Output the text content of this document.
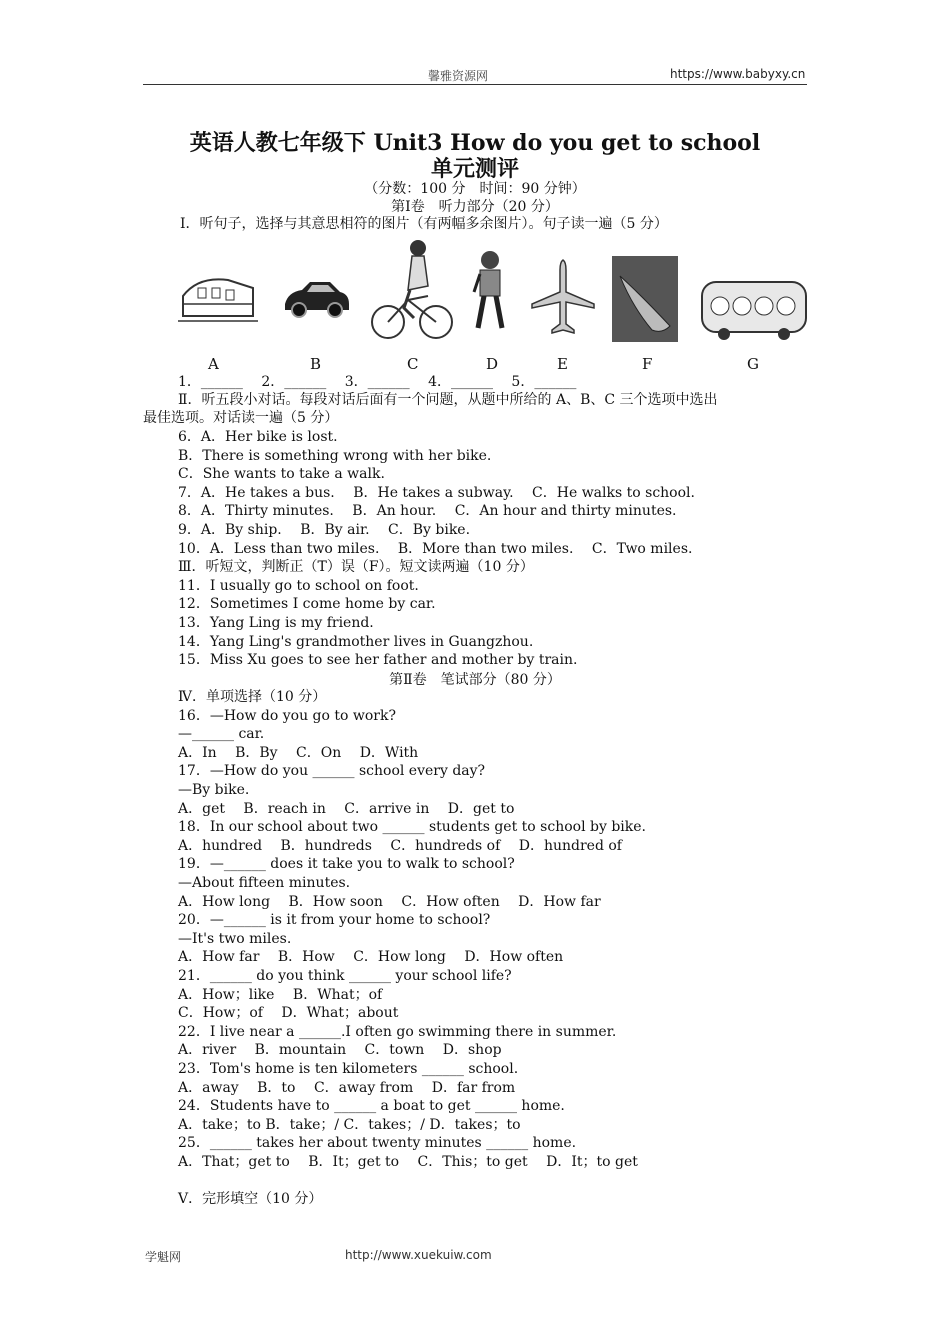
馨雅资源网	https://www.babyxy.cn
英语人教七年级下 Unit3 How do you get to school
单元测评
（分数：100 分　时间：90 分钟）
第Ⅰ卷　听力部分（20 分）
Ⅰ．听句子，选择与其意思相符的图片（有两幅多余图片）。句子读一遍（5 分）
A	B	C	D	E	F	G
1．______　 2．______　 3．______　 4．______　 5．______
Ⅱ．听五段小对话。每段对话后面有一个问题，从题中所给的 A、B、C 三个选项中选出
最佳选项。对话读一遍（5 分）
6．A．Her bike is lost.
B．There is something wrong with her bike.
C．She wants to take a walk.
7．A．He takes a bus.　 B．He takes a subway.　 C．He walks to school.
8．A．Thirty minutes.　 B．An hour.　 C．An hour and thirty minutes.
9．A．By ship.　 B．By air.　 C．By bike.
10．A．Less than two miles.　 B．More than two miles.　 C．Two miles.
Ⅲ．听短文，判断正（T）误（F）。短文读两遍（10 分）
11．I usually go to school on foot.
12．Sometimes I come home by car.
13．Yang Ling is my friend.
14．Yang Ling's grandmother lives in Guangzhou.
15．Miss Xu goes to see her father and mother by train.
第Ⅱ卷　笔试部分（80 分）
Ⅳ．单项选择（10 分）
16．—How do you go to work?
—______ car.
A．In　 B．By　 C．On　 D．With
17．—How do you ______ school every day?
—By bike.
A．get　 B．reach in　 C．arrive in　 D．get to
18．In our school about two ______ students get to school by bike.
A．hundred　 B．hundreds　 C．hundreds of　 D．hundred of
19．—______ does it take you to walk to school?
—About fifteen minutes.
A．How long　 B．How soon　 C．How often　 D．How far
20．—______ is it from your home to school?
—It's two miles.
A．How far　 B．How　 C．How long　 D．How often
21．______ do you think ______ your school life?
A．How；like　 B．What；of
C．How；of　 D．What；about
22．I live near a ______.I often go swimming there in summer.
A．river　 B．mountain　 C．town　 D．shop
23．Tom's home is ten kilometers ______ school.
A．away　 B．to　 C．away from　 D．far from
24．Students have to ______ a boat to get ______ home.
A．take；to B．take；/ C．takes；/ D．takes；to
25．______ takes her about twenty minutes ______ home.
A．That；get to　 B．It；get to　 C．This；to get　 D．It；to get
Ⅴ．完形填空（10 分）
学魁网	http://www.xuekuiw.com
